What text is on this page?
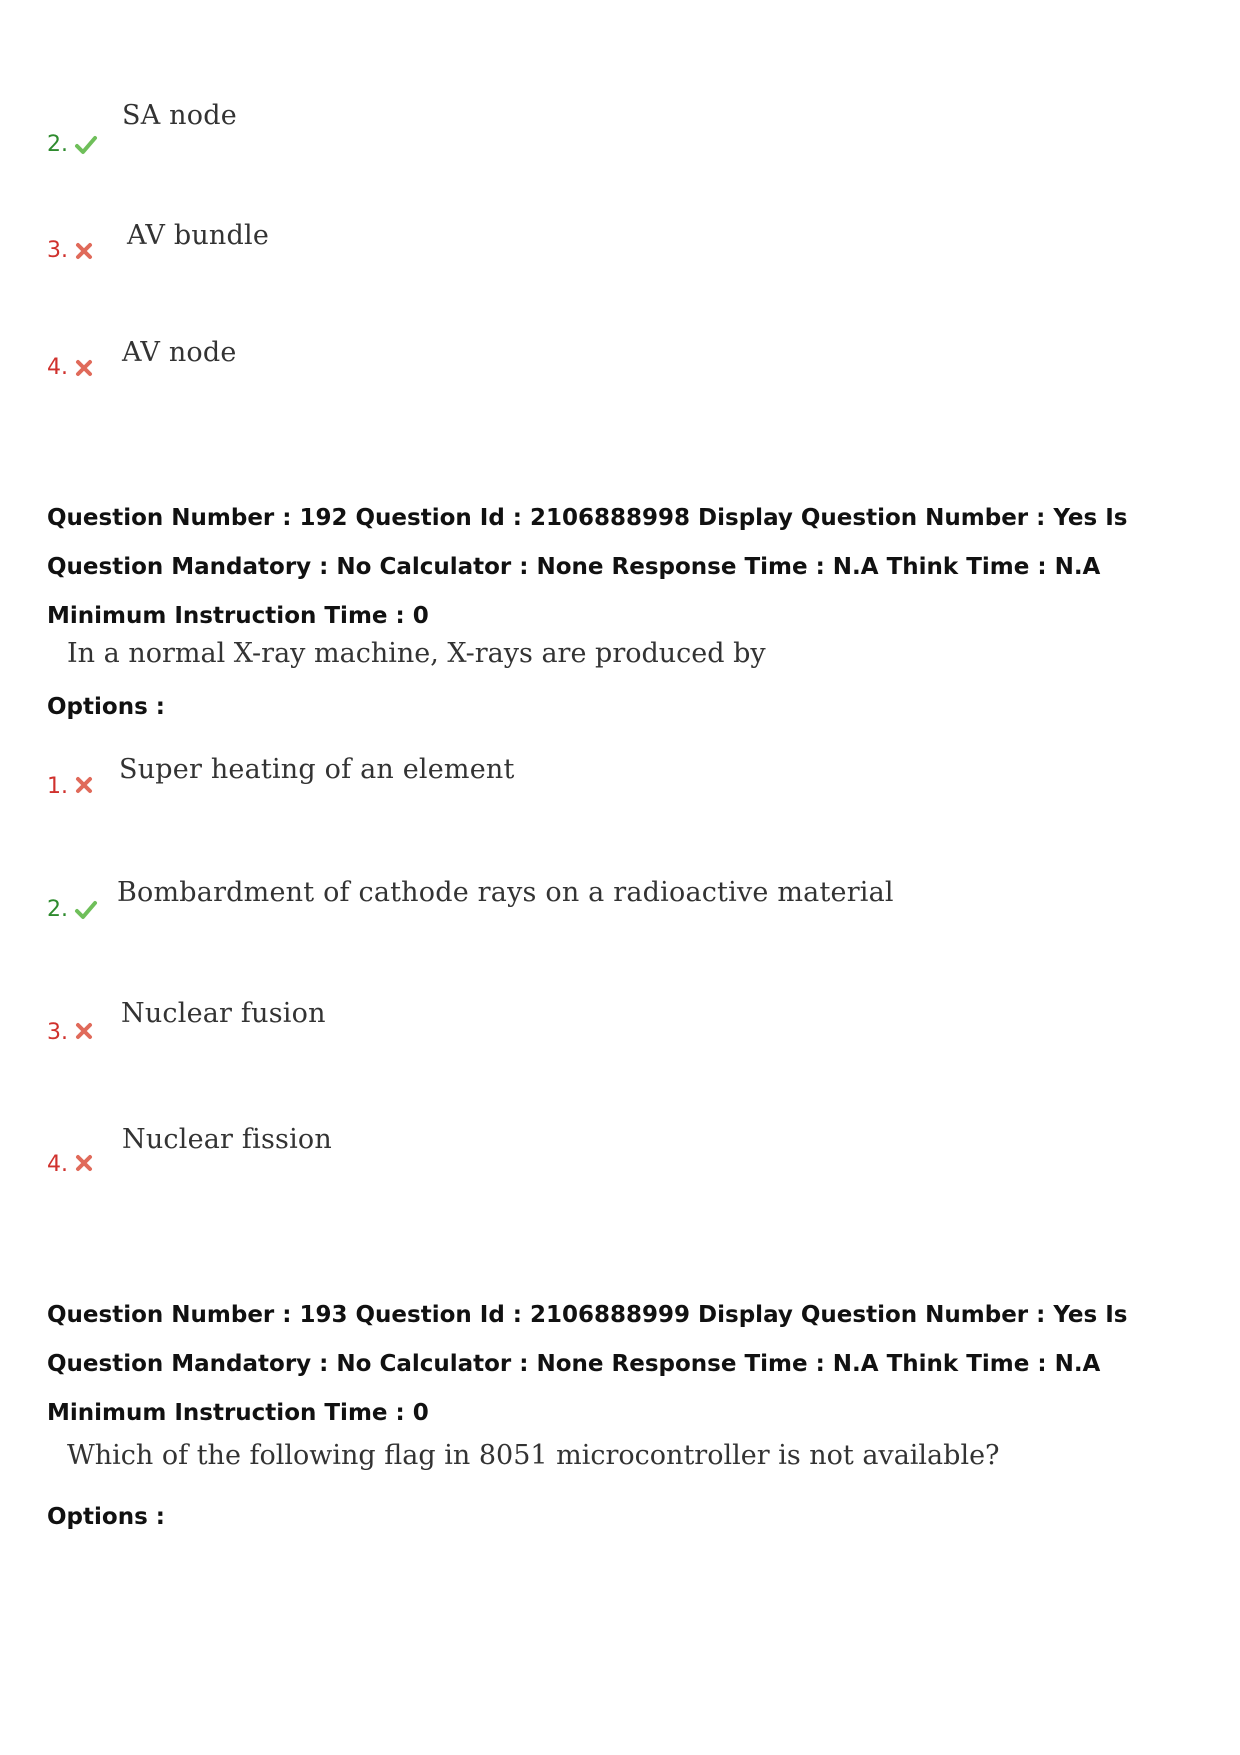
2.
SA node
3. AV bundle
4. AV node
Question Number : 192 Question Id : 2106888998 Display Question Number : Yes Is Question Mandatory : No Calculator : None Response Time : N.A Think Time : N.A Minimum Instruction Time : 0
In a normal X-ray machine, X-rays are produced by
Options :
1.
Super heating of an element
2.
Bombardment of cathode rays on a radioactive material
3.
Nuclear fusion
4.
Nuclear fission
Question Number : 193 Question Id : 2106888999 Display Question Number : Yes Is Question Mandatory : No Calculator : None Response Time : N.A Think Time : N.A Minimum Instruction Time : 0
Which of the following flag in 8051 microcontroller is not available?
Options :
